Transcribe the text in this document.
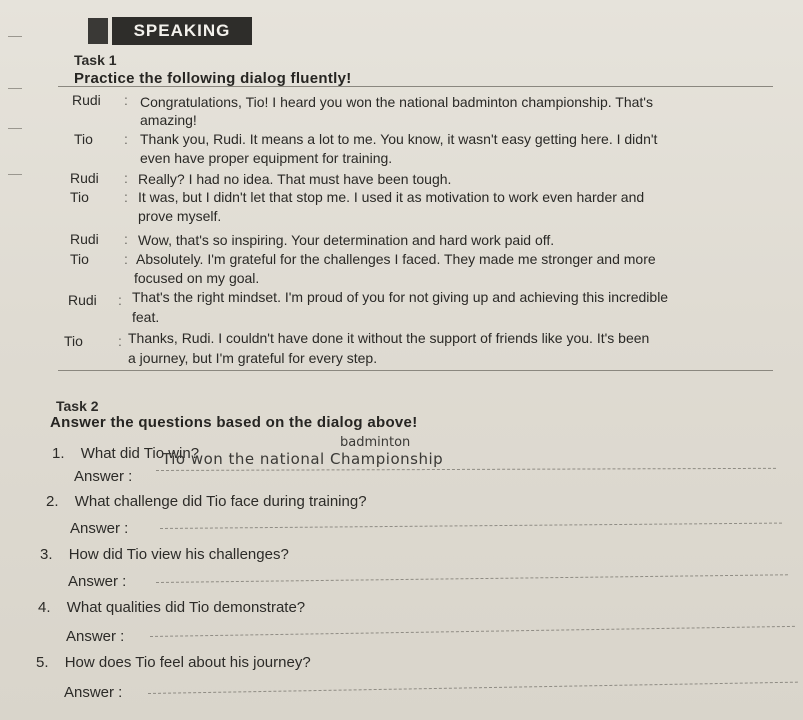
SPEAKING
Task 1
Practice the following dialog fluently!
Rudi : Congratulations, Tio! I heard you won the national badminton championship. That's
amazing!
Tio : Thank you, Rudi. It means a lot to me. You know, it wasn't easy getting here. I didn't
even have proper equipment for training.
Rudi : Really? I had no idea. That must have been tough.
Tio	: It was, but I didn't let that stop me. I used it as motivation to work even harder and
prove myself.
Rudi : Wow, that's so inspiring. Your determination and hard work paid off.
Tio	: Absolutely. I'm grateful for the challenges I faced. They made me stronger and more
focused on my goal.
Rudi : That's the right mindset. I'm proud of you for not giving up and achieving this incredible
feat.
Tio	: Thanks, Rudi. I couldn't have done it without the support of friends like you. It's been
a journey, but I'm grateful for every step.
Task 2
Answer the questions based on the dialog above!
1. What did Tio win?
badminton
Answer :
Tio won the national Championship
2. What challenge did Tio face during training?
Answer :
3. How did Tio view his challenges?
Answer :
4. What qualities did Tio demonstrate?
Answer :
5. How does Tio feel about his journey?
Answer :
